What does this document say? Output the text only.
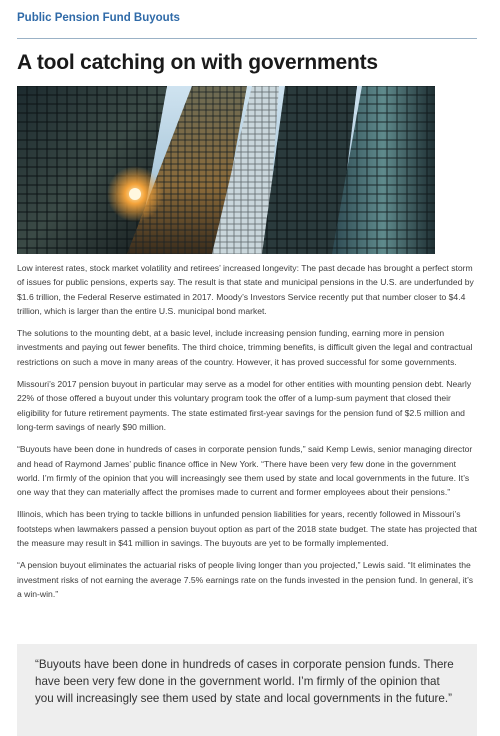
Public Pension Fund Buyouts
A tool catching on with governments

Low interest rates, stock market volatility and retirees’ increased longevity: The past decade has brought a perfect storm of issues for public pensions, experts say. The result is that state and municipal pensions in the U.S. are underfunded by $1.6 trillion, the Federal Reserve estimated in 2017. Moody’s Investors Service recently put that number closer to $4.4 trillion, which is larger than the entire U.S. municipal bond market.

The solutions to the mounting debt, at a basic level, include increasing pension funding, earning more in pension investments and paying out fewer benefits. The third choice, trimming benefits, is difficult given the legal and contractual restrictions on such a move in many areas of the country. However, it has proved successful for some governments.

Missouri’s 2017 pension buyout in particular may serve as a model for other entities with mounting pension debt. Nearly 22% of those offered a buyout under this voluntary program took the offer of a lump-sum payment that closed their eligibility for future retirement payments. The state estimated first-year savings for the pension fund of $2.5 million and long-term savings of nearly $90 million.

“Buyouts have been done in hundreds of cases in corporate pension funds,” said Kemp Lewis, senior managing director and head of Raymond James’ public finance office in New York. “There have been very few done in the government world. I’m firmly of the opinion that you will increasingly see them used by state and local governments in the future. It’s one way that they can materially affect the promises made to current and former employees about their pensions.”

Illinois, which has been trying to tackle billions in unfunded pension liabilities for years, recently followed in Missouri’s footsteps when lawmakers passed a pension buyout option as part of the 2018 state budget. The state has projected that the measure may result in $41 million in savings. The buyouts are yet to be formally implemented.

“A pension buyout eliminates the actuarial risks of people living longer than you projected,” Lewis said. “It eliminates the investment risks of not earning the average 7.5% earnings rate on the funds invested in the pension fund. In general, it’s a win-win.”

“Buyouts have been done in hundreds of cases in corporate pension funds. There have been very few done in the government world. I’m firmly of the opinion that you will increasingly see them used by state and local governments in the future.”
